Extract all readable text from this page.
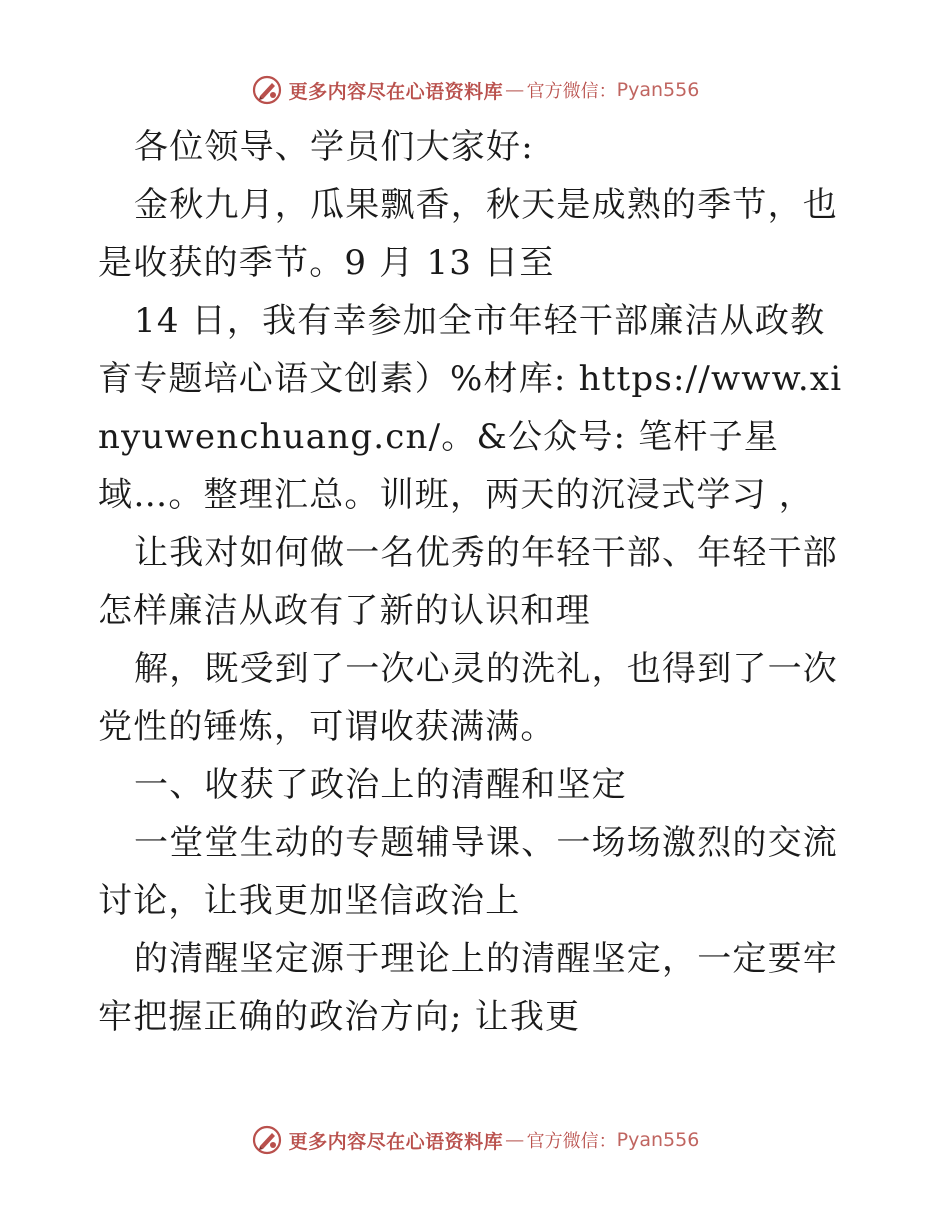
更多内容尽在心语资料库 — 官方微信： Pyan556

各位领导、学员们大家好:

金秋九月，瓜果飘香，秋天是成熟的季节，也是收获的季节。9 月 13 日至

14 日，我有幸参加全市年轻干部廉洁从政教育专题培心语文创素）%材库: https://www.xinyuwenchuang.cn/。&公众号: 笔杆子星域…。整理汇总。训班，两天的沉浸式学习 ，

让我对如何做一名优秀的年轻干部、年轻干部怎样廉洁从政有了新的认识和理

解，既受到了一次心灵的洗礼，也得到了一次党性的锤炼，可谓收获满满。

一、收获了政治上的清醒和坚定

一堂堂生动的专题辅导课、一场场激烈的交流讨论，让我更加坚信政治上

的清醒坚定源于理论上的清醒坚定，一定要牢牢把握正确的政治方向; 让我更

更多内容尽在心语资料库 — 官方微信： Pyan556
